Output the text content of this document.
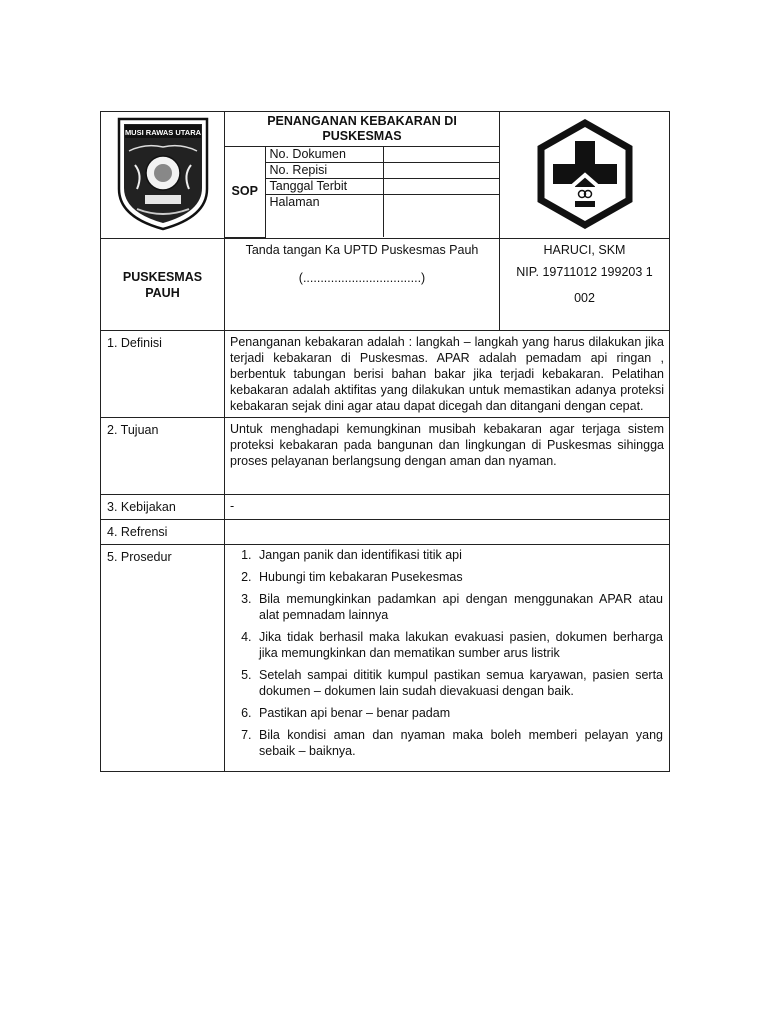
MUSI RAWAS UTARA

PENANGANAN KEBAKARAN DI PUSKESMAS
SOP	No. Dokumen	
No. Repisi	
Tanggal Terbit	
Halaman	

PUSKESMAS
PAUH

Tanda tangan Ka UPTD Puskesmas Pauh
(..................................)

HARUCI, SKM
NIP. 19711012 199203 1
002

1. Definisi	Penanganan kebakaran adalah : langkah – langkah yang harus dilakukan jika terjadi kebakaran di Puskesmas. APAR adalah pemadam api ringan , berbentuk tabungan berisi bahan bakar jika terjadi kebakaran. Pelatihan kebakaran adalah aktifitas yang dilakukan untuk memastikan adanya proteksi kebakaran sejak dini agar atau dapat dicegah dan ditangani dengan cepat.
2. Tujuan	Untuk menghadapi kemungkinan musibah kebakaran agar terjaga sistem proteksi kebakaran pada bangunan dan lingkungan di Puskesmas sihingga proses pelayanan berlangsung dengan aman dan nyaman.
3. Kebijakan	-
4. Refrensi	
5. Prosedur	
1.Jangan panik dan identifikasi titik api
2. Hubungi tim kebakaran Pusekesmas
3. Bila memungkinkan padamkan api dengan menggunakan APAR atau alat pemnadam lainnya
4. Jika tidak berhasil maka lakukan evakuasi pasien, dokumen berharga jika memungkinkan dan mematikan sumber arus listrik
5. Setelah sampai dititik kumpul pastikan semua karyawan, pasien serta dokumen – dokumen lain sudah dievakuasi dengan baik.
6. Pastikan api benar – benar padam
7. Bila kondisi aman dan nyaman maka boleh memberi pelayan yang sebaik – baiknya.
